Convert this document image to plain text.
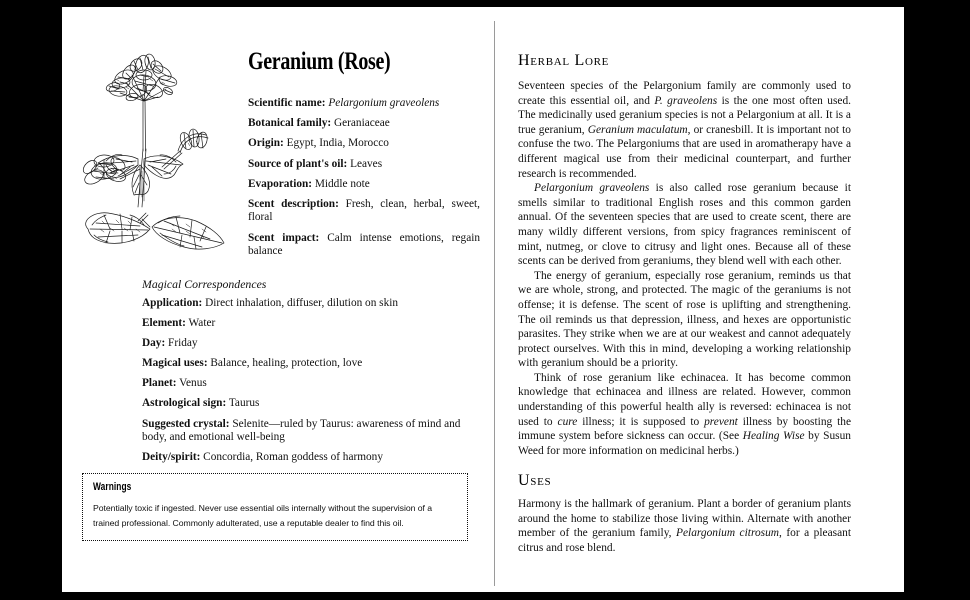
Geranium (Rose)
Scientific name: Pelargonium graveolens
Botanical family: Geraniaceae
Origin: Egypt, India, Morocco
Source of plant's oil: Leaves
Evaporation: Middle note
Scent description: Fresh, clean, herbal, sweet, floral
Scent impact: Calm intense emotions, regain balance
Magical Correspondences
Application: Direct inhalation, diffuser, dilution on skin
Element: Water
Day: Friday
Magical uses: Balance, healing, protection, love
Planet: Venus
Astrological sign: Taurus
Suggested crystal: Selenite—ruled by Taurus: awareness of mind and body, and emotional well-being
Deity/spirit: Concordia, Roman goddess of harmony
Warnings
Potentially toxic if ingested. Never use essential oils internally without the supervision of a trained professional. Commonly adulterated, use a reputable dealer to find this oil.
Herbal Lore

Seventeen species of the Pelargonium family are commonly used to create this essential oil, and P. graveolens is the one most often used. The medicinally used geranium species is not a Pelargonium at all. It is a true geranium, Geranium maculatum, or cranesbill. It is important not to confuse the two. The Pelargoniums that are used in aromatherapy have a different magical use from their medicinal counterpart, and further research is recommended.

Pelargonium graveolens is also called rose geranium because it smells similar to traditional English roses and this common garden annual. Of the seventeen species that are used to create scent, there are many wildly different versions, from spicy fragrances reminiscent of mint, nutmeg, or clove to citrusy and light ones. Because all of these scents can be derived from geraniums, they blend well with each other.

The energy of geranium, especially rose geranium, reminds us that we are whole, strong, and protected. The magic of the geraniums is not offense; it is defense. The scent of rose is uplifting and strengthening. The oil reminds us that depression, illness, and hexes are opportunistic parasites. They strike when we are at our weakest and cannot adequately protect ourselves. With this in mind, developing a working relationship with geranium should be a priority.

Think of rose geranium like echinacea. It has become common knowledge that echinacea and illness are related. However, common understanding of this powerful health ally is reversed: echinacea is not used to cure illness; it is supposed to prevent illness by boosting the immune system before sickness can occur. (See Healing Wise by Susun Weed for more information on medicinal herbs.)

Uses

Harmony is the hallmark of geranium. Plant a border of geranium plants around the home to stabilize those living within. Alternate with another member of the geranium family, Pelargonium citrosum, for a pleasant citrus and rose blend.
